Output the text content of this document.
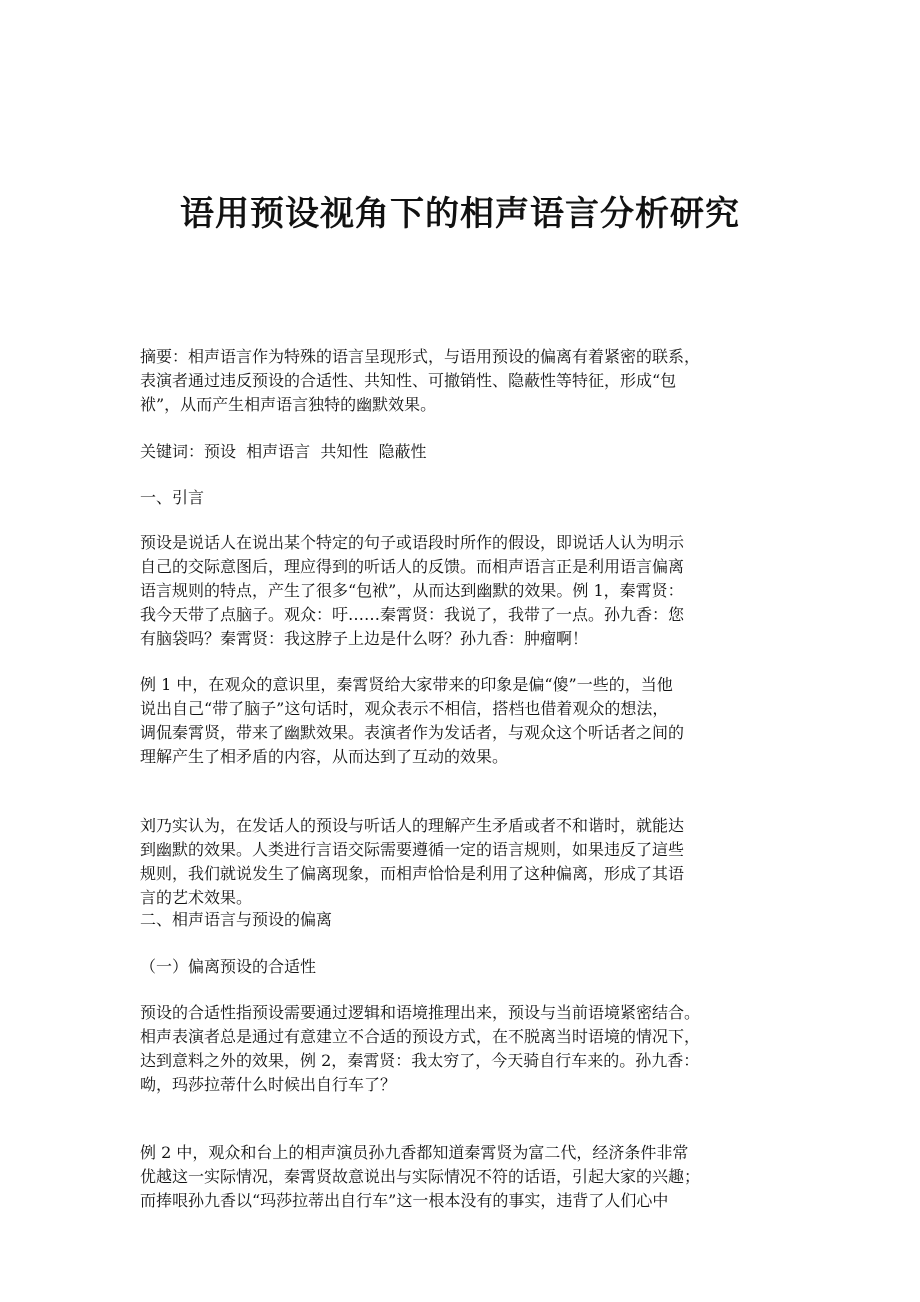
语用预设视角下的相声语言分析研究
摘要：相声语言作为特殊的语言呈现形式，与语用预设的偏离有着紧密的联系，
表演者通过违反预设的合适性、共知性、可撤销性、隐蔽性等特征，形成“包
袱”，从而产生相声语言独特的幽默效果。
关键词：预设  相声语言  共知性  隐蔽性
一、引言
预设是说话人在说出某个特定的句子或语段时所作的假设，即说话人认为明示
自己的交际意图后，理应得到的听话人的反馈。而相声语言正是利用语言偏离
语言规则的特点，产生了很多“包袱”，从而达到幽默的效果。例 1，秦霄贤：
我今天带了点脑子。观众：吁……秦霄贤：我说了，我带了一点。孙九香：您
有脑袋吗？秦霄贤：我这脖子上边是什么呀？孙九香：肿瘤啊！
例 1 中，在观众的意识里，秦霄贤给大家带来的印象是偏“傻”一些的，当他
说出自己“带了脑子”这句话时，观众表示不相信，搭档也借着观众的想法，
调侃秦霄贤，带来了幽默效果。表演者作为发话者，与观众这个听话者之间的
理解产生了相矛盾的内容，从而达到了互动的效果。
刘乃实认为，在发话人的预设与听话人的理解产生矛盾或者不和谐时，就能达
到幽默的效果。人类进行言语交际需要遵循一定的语言规则，如果违反了這些
规则，我们就说发生了偏离现象，而相声恰恰是利用了这种偏离，形成了其语
言的艺术效果。
二、相声语言与预设的偏离
（一）偏离预设的合适性
预设的合适性指预设需要通过逻辑和语境推理出来，预设与当前语境紧密结合。
相声表演者总是通过有意建立不合适的预设方式，在不脱离当时语境的情况下，
达到意料之外的效果，例 2，秦霄贤：我太穷了，今天骑自行车来的。孙九香：
呦，玛莎拉蒂什么时候出自行车了？
例 2 中，观众和台上的相声演员孙九香都知道秦霄贤为富二代，经济条件非常
优越这一实际情况，秦霄贤故意说出与实际情况不符的话语，引起大家的兴趣；
而捧哏孙九香以“玛莎拉蒂出自行车”这一根本没有的事实，违背了人们心中
